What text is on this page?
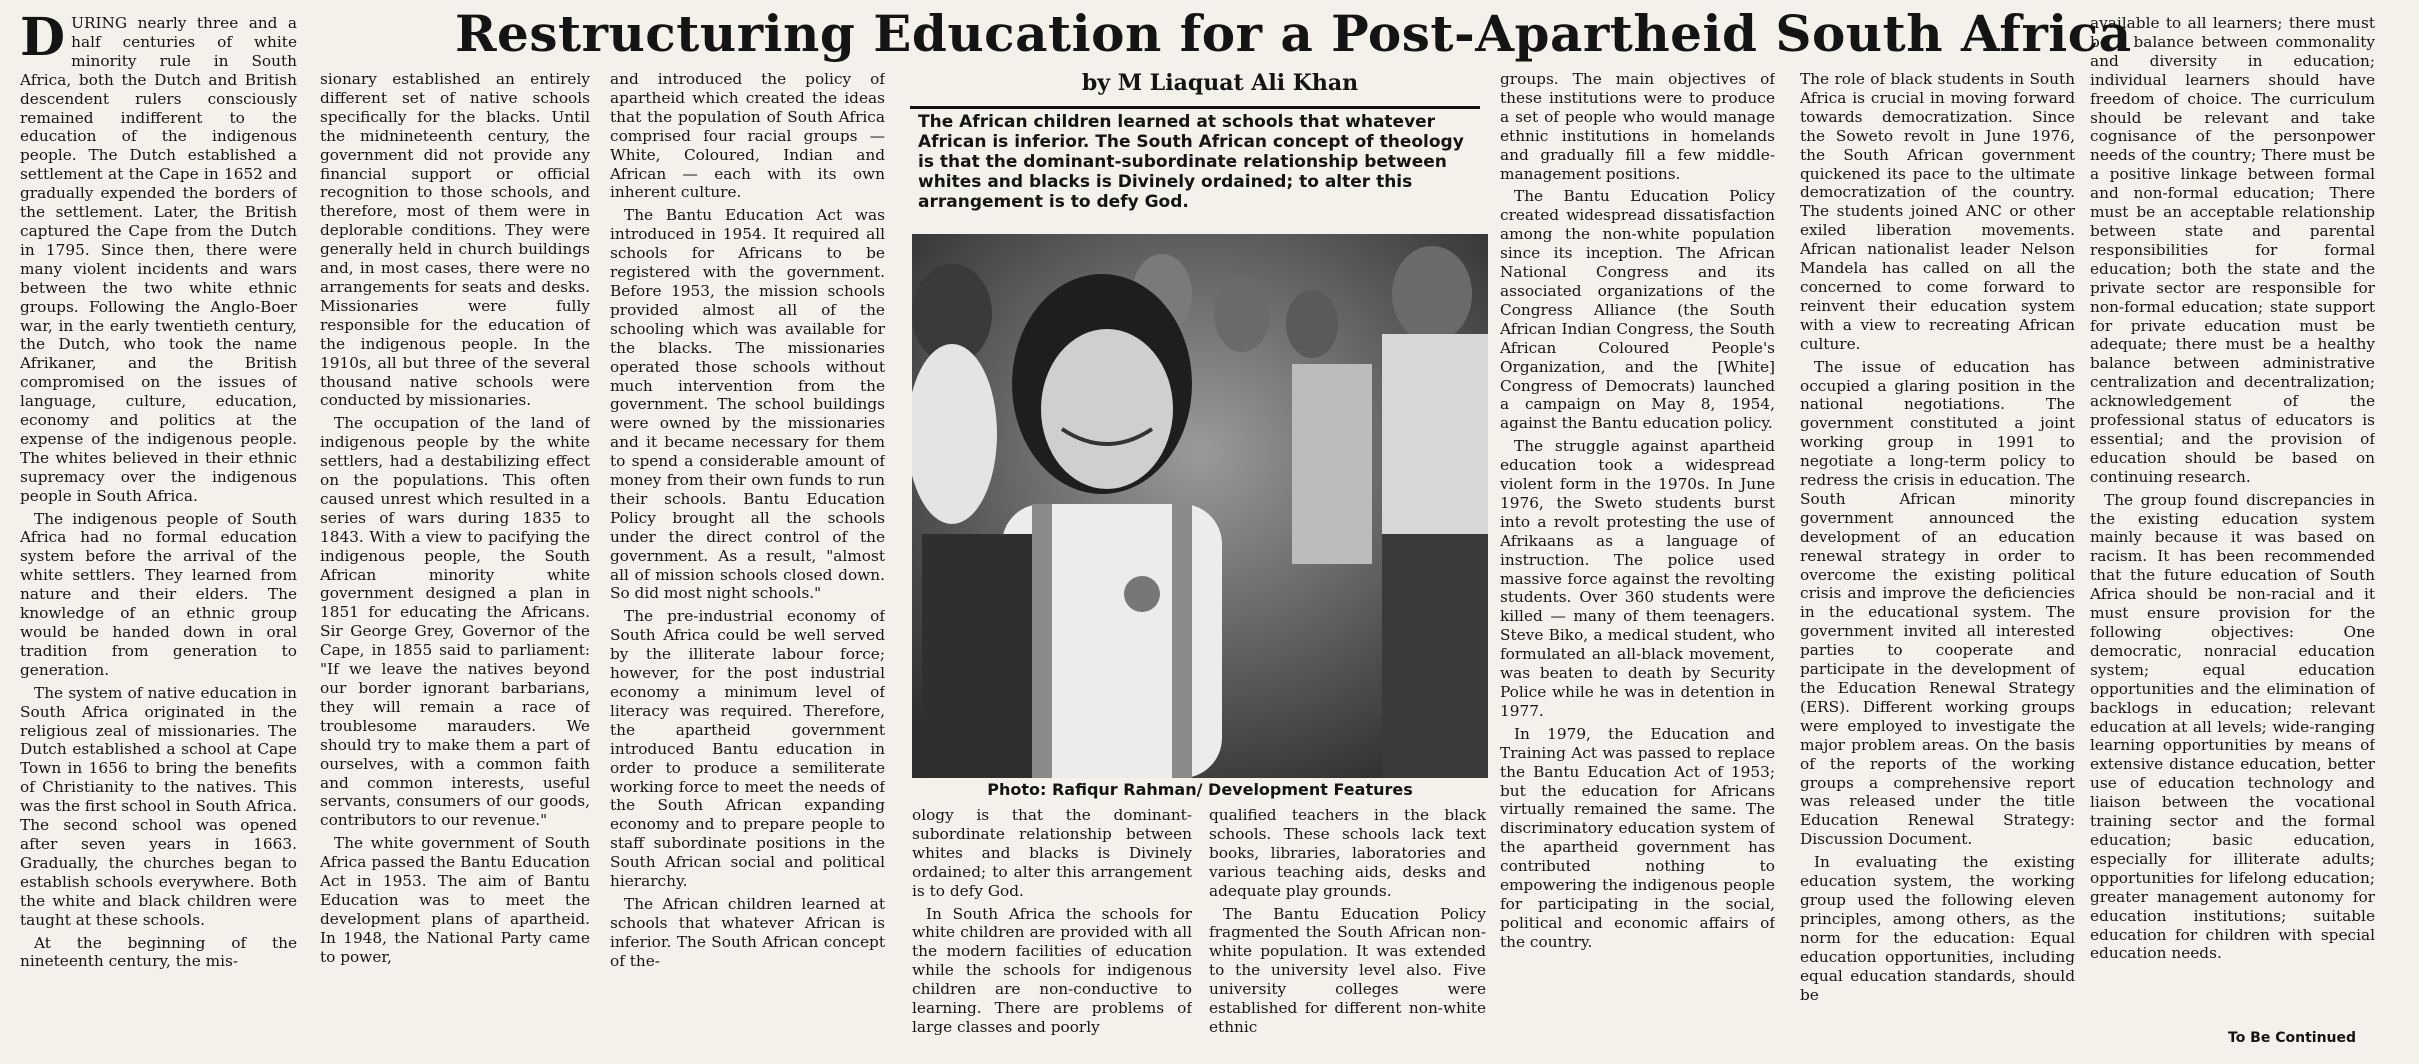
Restructuring Education for a Post-Apartheid South Africa
by M Liaquat Ali Khan
The African children learned at schools that whatever African is inferior. The South African concept of theology is that the dominant-subordinate relationship between whites and blacks is Divinely ordained; to alter this arrangement is to defy God.
Photo: Rafiqur Rahman/ Development Features

DURING nearly three and a half centuries of white minority rule in South Africa, both the Dutch and British descendent rulers consciously remained indifferent to the education of the indigenous people. The Dutch established a settlement at the Cape in 1652 and gradually expended the borders of the settlement. Later, the British captured the Cape from the Dutch in 1795. Since then, there were many violent incidents and wars between the two white ethnic groups. Following the Anglo-Boer war, in the early twentieth century, the Dutch, who took the name Afrikaner, and the British compromised on the issues of language, culture, education, economy and politics at the expense of the indigenous people. The whites believed in their ethnic supremacy over the indigenous people in South Africa.

The indigenous people of South Africa had no formal education system before the arrival of the white settlers. They learned from nature and their elders. The knowledge of an ethnic group would be handed down in oral tradition from generation to generation.

The system of native education in South Africa originated in the religious zeal of missionaries. The Dutch established a school at Cape Town in 1656 to bring the benefits of Christianity to the natives. This was the first school in South Africa. The second school was opened after seven years in 1663. Gradually, the churches began to establish schools everywhere. Both the white and black children were taught at these schools.

At the beginning of the nineteenth century, the mis-

sionary established an entirely different set of native schools specifically for the blacks. Until the midnineteenth century, the government did not provide any financial support or official recognition to those schools, and therefore, most of them were in deplorable conditions. They were generally held in church buildings and, in most cases, there were no arrangements for seats and desks. Missionaries were fully responsible for the education of the indigenous people. In the 1910s, all but three of the several thousand native schools were conducted by missionaries.

The occupation of the land of indigenous people by the white settlers, had a destabilizing effect on the populations. This often caused unrest which resulted in a series of wars during 1835 to 1843. With a view to pacifying the indigenous people, the South African minority white government designed a plan in 1851 for educating the Africans. Sir George Grey, Governor of the Cape, in 1855 said to parliament: "If we leave the natives beyond our border ignorant barbarians, they will remain a race of troublesome marauders. We should try to make them a part of ourselves, with a common faith and common interests, useful servants, consumers of our goods, contributors to our revenue."

The white government of South Africa passed the Bantu Education Act in 1953. The aim of Bantu Education was to meet the development plans of apartheid. In 1948, the National Party came to power,

and introduced the policy of apartheid which created the ideas that the population of South Africa comprised four racial groups — White, Coloured, Indian and African — each with its own inherent culture.

The Bantu Education Act was introduced in 1954. It required all schools for Africans to be registered with the government. Before 1953, the mission schools provided almost all of the schooling which was available for the blacks. The missionaries operated those schools without much intervention from the government. The school buildings were owned by the missionaries and it became necessary for them to spend a considerable amount of money from their own funds to run their schools. Bantu Education Policy brought all the schools under the direct control of the government. As a result, "almost all of mission schools closed down. So did most night schools."

The pre-industrial economy of South Africa could be well served by the illiterate labour force; however, for the post industrial economy a minimum level of literacy was required. Therefore, the apartheid government introduced Bantu education in order to produce a semiliterate working force to meet the needs of the South African expanding economy and to prepare people to staff subordinate positions in the South African social and political hierarchy.

The African children learned at schools that whatever African is inferior. The South African concept of the-

ology is that the dominant-subordinate relationship between whites and blacks is Divinely ordained; to alter this arrangement is to defy God.

In South Africa the schools for white children are provided with all the modern facilities of education while the schools for indigenous children are non-conductive to learning. There are problems of large classes and poorly

qualified teachers in the black schools. These schools lack text books, libraries, laboratories and various teaching aids, desks and adequate play grounds.

The Bantu Education Policy fragmented the South African non-white population. It was extended to the university level also. Five university colleges were established for different non-white ethnic

groups. The main objectives of these institutions were to produce a set of people who would manage ethnic institutions in homelands and gradually fill a few middle-management positions.

The Bantu Education Policy created widespread dissatisfaction among the non-white population since its inception. The African National Congress and its associated organizations of the Congress Alliance (the South African Indian Congress, the South African Coloured People's Organization, and the [White] Congress of Democrats) launched a campaign on May 8, 1954, against the Bantu education policy.

The struggle against apartheid education took a widespread violent form in the 1970s. In June 1976, the Sweto students burst into a revolt protesting the use of Afrikaans as a language of instruction. The police used massive force against the revolting students. Over 360 students were killed — many of them teenagers. Steve Biko, a medical student, who formulated an all-black movement, was beaten to death by Security Police while he was in detention in 1977.

In 1979, the Education and Training Act was passed to replace the Bantu Education Act of 1953; but the education for Africans virtually remained the same. The discriminatory education system of the apartheid government has contributed nothing to empowering the indigenous people for participating in the social, political and economic affairs of the country.

The role of black students in South Africa is crucial in moving forward towards democratization. Since the Soweto revolt in June 1976, the South African government quickened its pace to the ultimate democratization of the country. The students joined ANC or other exiled liberation movements. African nationalist leader Nelson Mandela has called on all the concerned to come forward to reinvent their education system with a view to recreating African culture.

The issue of education has occupied a glaring position in the national negotiations. The government constituted a joint working group in 1991 to negotiate a long-term policy to redress the crisis in education. The South African minority government announced the development of an education renewal strategy in order to overcome the existing political crisis and improve the deficiencies in the educational system. The government invited all interested parties to cooperate and participate in the development of the Education Renewal Strategy (ERS). Different working groups were employed to investigate the major problem areas. On the basis of the reports of the working groups a comprehensive report was released under the title Education Renewal Strategy: Discussion Document.

In evaluating the existing education system, the working group used the following eleven principles, among others, as the norm for the education: Equal education opportunities, including equal education standards, should be

available to all learners; there must be a balance between commonality and diversity in education; individual learners should have freedom of choice. The curriculum should be relevant and take cognisance of the personpower needs of the country; There must be a positive linkage between formal and non-formal education; There must be an acceptable relationship between state and parental responsibilities for formal education; both the state and the private sector are responsible for non-formal education; state support for private education must be adequate; there must be a healthy balance between administrative centralization and decentralization; acknowledgement of the professional status of educators is essential; and the provision of education should be based on continuing research.

The group found discrepancies in the existing education system mainly because it was based on racism. It has been recommended that the future education of South Africa should be non-racial and it must ensure provision for the following objectives: One democratic, nonracial education system; equal education opportunities and the elimination of backlogs in education; relevant education at all levels; wide-ranging learning opportunities by means of extensive distance education, better use of education technology and liaison between the vocational training sector and the formal education; basic education, especially for illiterate adults; opportunities for lifelong education; greater management autonomy for education institutions; suitable education for children with special education needs.

To Be Continued
